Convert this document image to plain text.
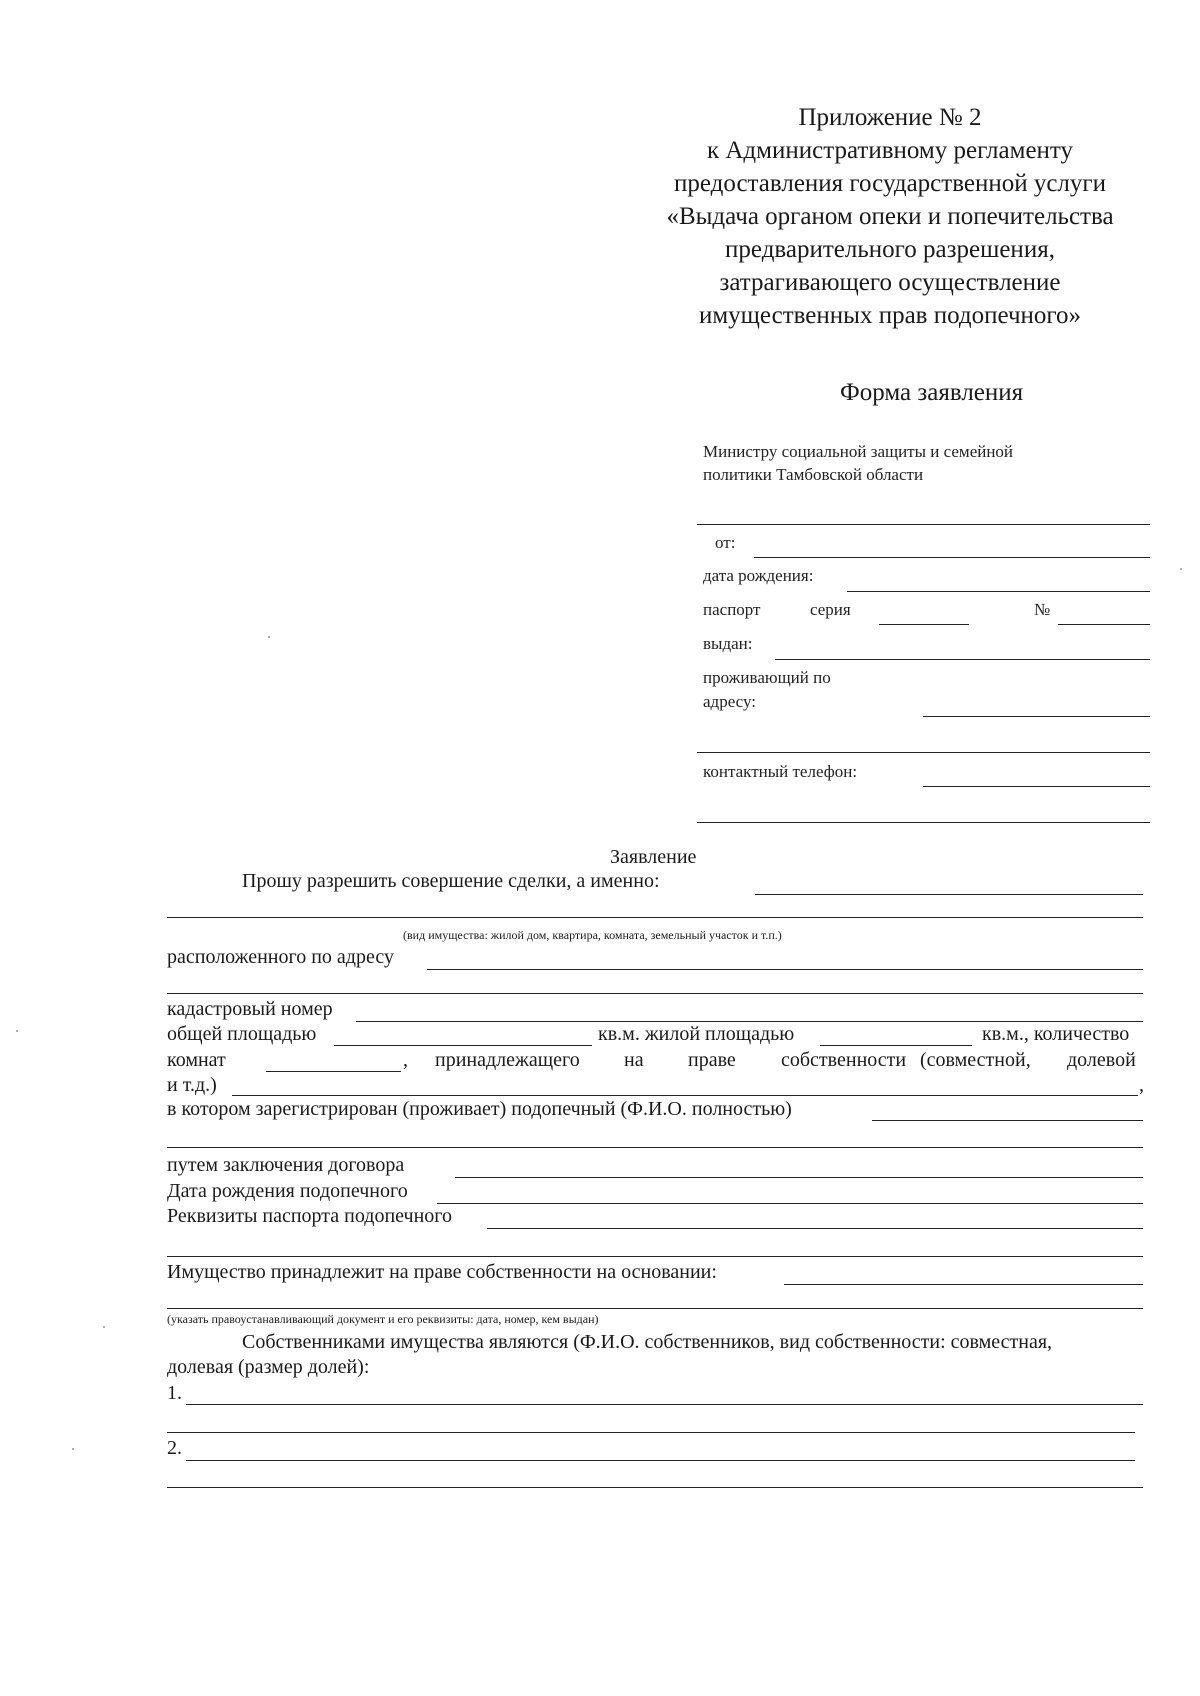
Приложение № 2
к Административному регламенту
предоставления государственной услуги
«Выдача органом опеки и попечительства
предварительного разрешения,
затрагивающего осуществление
имущественных прав подопечного»
Форма заявления
Министру социальной защиты и семейной
политики Тамбовской области
от:
дата рождения:
паспорт	серия	№
выдан:
проживающий по
адресу:
контактный телефон:
Заявление
Прошу разрешить совершение сделки, а именно:
(вид имущества: жилой дом, квартира, комната, земельный участок и т.п.)
расположенного по адресу
кадастровый номер
общей площадью	кв.м. жилой площадью	кв.м., количество
комнат	, принадлежащего на праве собственности (совместной, долевой
и т.д.)	,
в котором зарегистрирован (проживает) подопечный (Ф.И.О. полностью)
путем заключения договора
Дата рождения подопечного
Реквизиты паспорта подопечного
Имущество принадлежит на праве собственности на основании:
(указать правоустанавливающий документ и его реквизиты: дата, номер, кем выдан)
Собственниками имущества являются (Ф.И.О. собственников, вид собственности: совместная,
долевая (размер долей):
1.
2.
